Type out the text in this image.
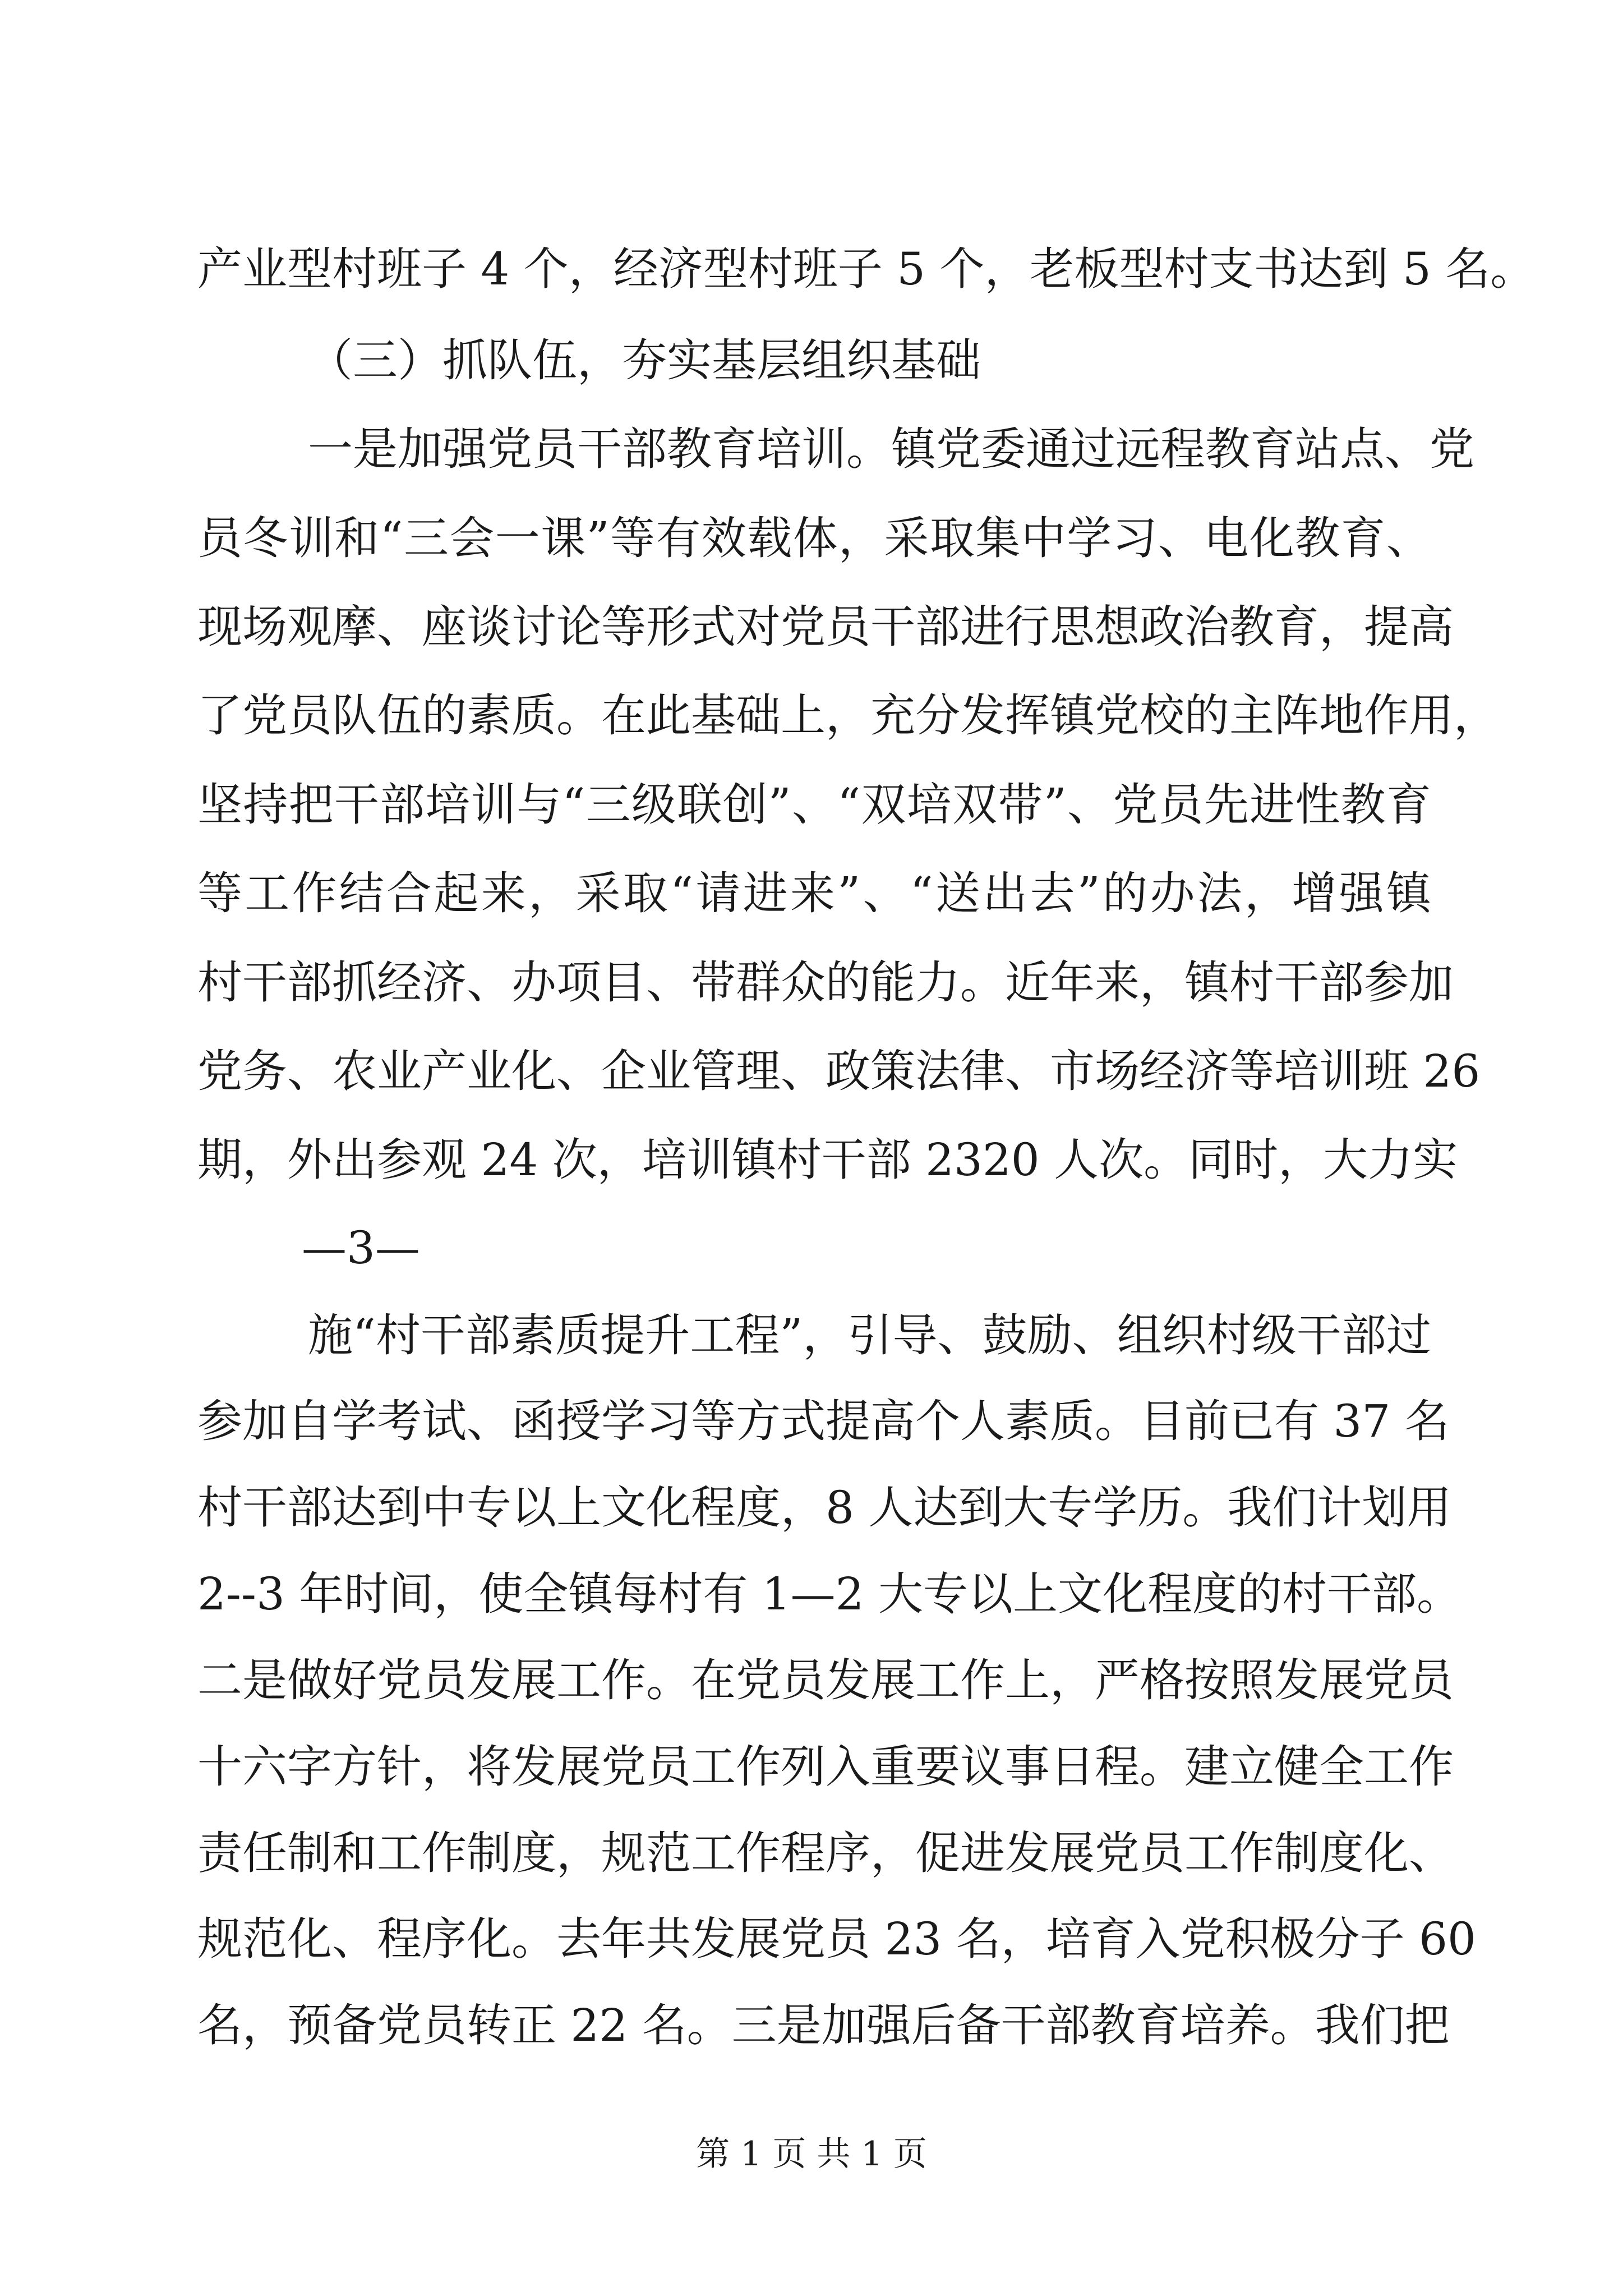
产业型村班子 4 个，经济型村班子 5 个，老板型村支书达到 5 名。
（三）抓队伍，夯实基层组织基础
一是加强党员干部教育培训。镇党委通过远程教育站点、党
员冬训和“三会一课”等有效载体，采取集中学习、电化教育、
现场观摩、座谈讨论等形式对党员干部进行思想政治教育，提高
了党员队伍的素质。在此基础上，充分发挥镇党校的主阵地作用，
坚持把干部培训与“三级联创”、“双培双带”、党员先进性教育
等工作结合起来，采取“请进来”、“送出去”的办法，增强镇
村干部抓经济、办项目、带群众的能力。近年来，镇村干部参加
党务、农业产业化、企业管理、政策法律、市场经济等培训班 26
期，外出参观 24 次，培训镇村干部 2320 人次。同时，大力实
—3—
施“村干部素质提升工程”，引导、鼓励、组织村级干部过
参加自学考试、函授学习等方式提高个人素质。目前已有 37 名
村干部达到中专以上文化程度，8 人达到大专学历。我们计划用
2--3 年时间，使全镇每村有 1—2 大专以上文化程度的村干部。
二是做好党员发展工作。在党员发展工作上，严格按照发展党员
十六字方针，将发展党员工作列入重要议事日程。建立健全工作
责任制和工作制度，规范工作程序，促进发展党员工作制度化、
规范化、程序化。去年共发展党员 23 名，培育入党积极分子 60
名，预备党员转正 22 名。三是加强后备干部教育培养。我们把
第 1 页 共 1 页
